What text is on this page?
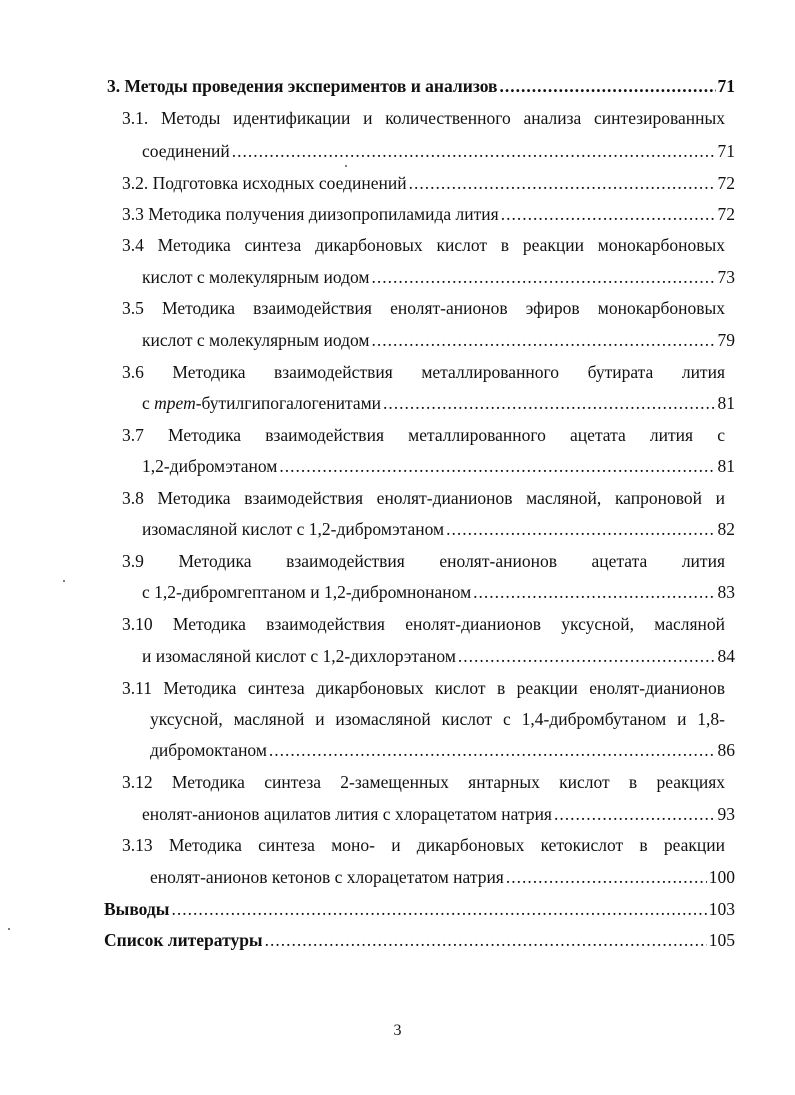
3. Методы проведения экспериментов и анализов .....	71
3.1. Методы идентификации и количественного анализа синтезированных
соединений .....	71
3.2. Подготовка исходных соединений .....	72
3.3 Методика получения диизопропиламида лития .....	72
3.4 Методика синтеза дикарбоновых кислот в реакции монокарбоновых
кислот с молекулярным иодом .....	73
3.5 Методика взаимодействия енолят-анионов эфиров монокарбоновых
кислот с молекулярным иодом .....	79
3.6 Методика взаимодействия металлированного бутирата лития
с трет-бутилгипогалогенитами .....	81
3.7 Методика взаимодействия металлированного ацетата лития с
1,2-дибромэтаном .....	81
3.8 Методика взаимодействия енолят-дианионов масляной, капроновой и
изомасляной кислот с 1,2-дибромэтаном .....	82
3.9 Методика взаимодействия енолят-анионов ацетата лития
с 1,2-дибромгептаном и 1,2-дибромнонаном .....	83
3.10 Методика взаимодействия енолят-дианионов уксусной, масляной
и изомасляной кислот с 1,2-дихлорэтаном .....	84
3.11 Методика синтеза дикарбоновых кислот в реакции енолят-дианионов
уксусной, масляной и изомасляной кислот с 1,4-дибромбутаном и 1,8-
дибромоктаном .....	86
3.12 Методика синтеза 2-замещенных янтарных кислот в реакциях
енолят-анионов ацилатов лития с хлорацетатом натрия .....	93
3.13 Методика синтеза моно- и дикарбоновых кетокислот в реакции
енолят-анионов кетонов с хлорацетатом натрия .....	100
Выводы .....	103
Список литературы .....	105
3
